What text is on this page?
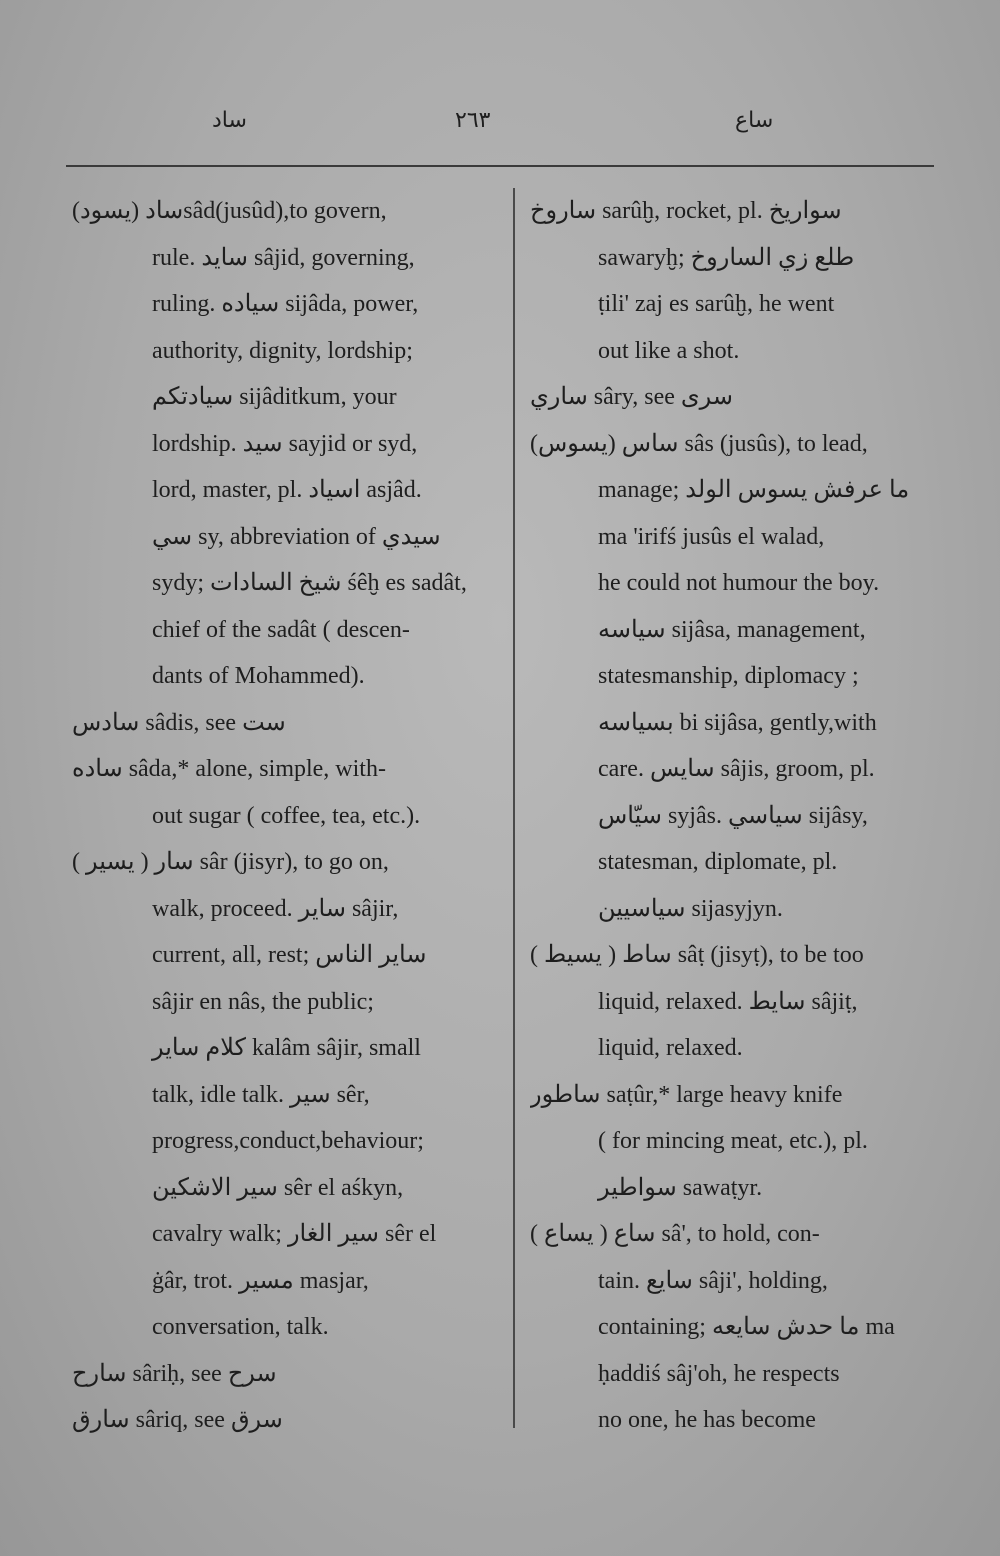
ساد	٢٦٣	ساع
ساد (يسود)sâd(jusûd),to govern,
rule. سايد sâjid, governing,
ruling. سياده sijâda, power,
authority, dignity, lordship;
سيادتكم sijâditkum, your
lordship. سيد sayjid or syd,
lord, master, pl. اسياد asjâd.
سي sy, abbreviation of سيدي
sydy; شيخ السادات śêḫ es sadât,
chief of the sadât ( descen-
dants of Mohammed).
سادس sâdis, see ست
ساده sâda,* alone, simple, with-
out sugar ( coffee, tea, etc.).
سار ( يسير ) sâr (jisyr), to go on,
walk, proceed. ساير sâjir,
current, all, rest; ساير الناس
sâjir en nâs, the public;
كلام ساير kalâm sâjir, small
talk, idle talk. سير sêr,
progress,conduct,behaviour;
سير الاشكين sêr el aśkyn,
cavalry walk; سير الغار sêr el
ġâr, trot. مسير masjar,
conversation, talk.
سارح sâriḥ, see سرح
سارق sâriq, see سرق
ساروخ sarûḫ, rocket, pl. سواريخ
sawaryḫ; طلع زي الساروخ
ṭili' zaj es sarûḫ, he went
out like a shot.
ساري sâry, see سرى
ساس (يسوس) sâs (jusûs), to lead,
manage; ما عرفش يسوس الولد
ma 'irifś jusûs el walad,
he could not humour the boy.
سياسه sijâsa, management,
statesmanship, diplomacy ;
بسياسه bi sijâsa, gently,with
care. سايس sâjis, groom, pl.
سيّاس syjâs. سياسي sijâsy,
statesman, diplomate, pl.
سياسيين sijasyjyn.
ساط ( يسيط ) sâṭ (jisyṭ), to be too
liquid, relaxed. سايط sâjiṭ,
liquid, relaxed.
ساطور saṭûr,* large heavy knife
( for mincing meat, etc.), pl.
سواطير sawaṭyr.
ساع ( يساع ) sâ', to hold, con-
tain. سايع sâji', holding,
containing; ما حدش سايعه ma
ḥaddiś sâj'oh, he respects
no one, he has become
